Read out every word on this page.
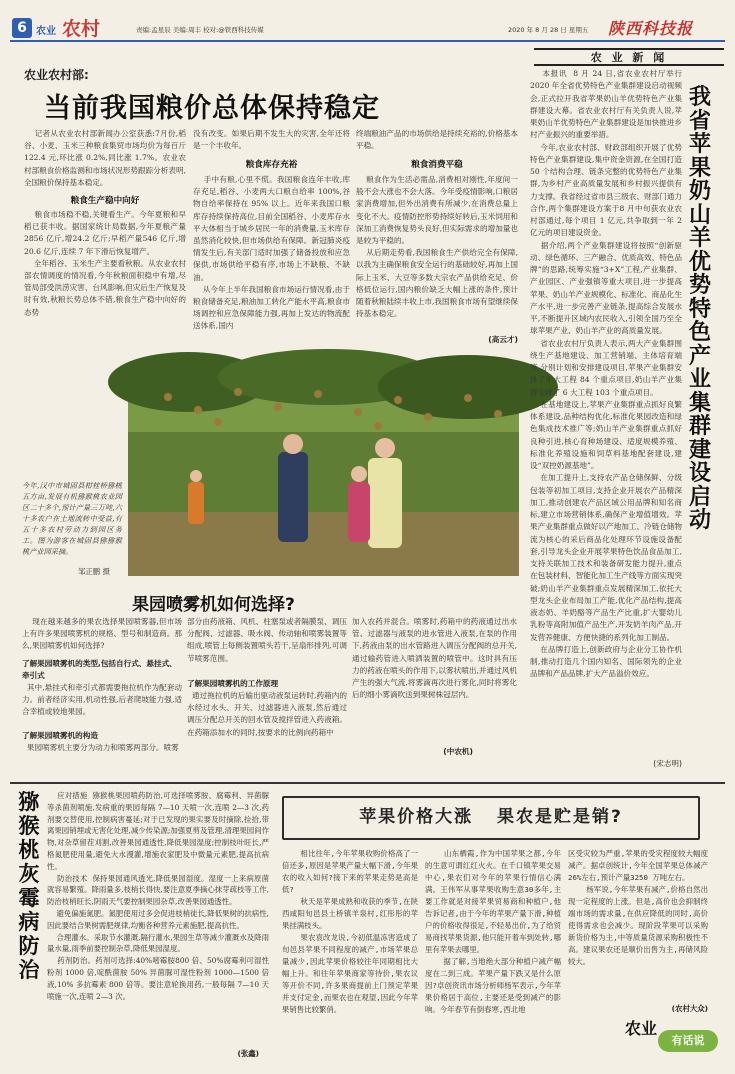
6 农业 农村	责编:孟星辰 美编:周丰 校对:@铁西科技传媒	2020 年 8 月 28 日 星期五 陕西科技报
农 业 新 闻
农业农村部:
当前我国粮价总体保持稳定
记者从农业农村部新闻办公室获悉:7月份,稻谷、小麦、玉米三种粮食集贸市场均价为每百斤 122.4 元,环比涨 0.2%,同比涨 1.7%。农业农村部粮食价格监测和市场状况形势跟踪分析表明,全国粮价保持基本稳定。
粮食生产稳中向好
粮食市场稳不稳,关键看生产。今年夏粮和早稻已获丰收。据国家统计局数据,今年夏粮产量2856 亿斤,增24.2 亿斤;早稻产量546 亿斤,增20.6 亿斤,连续 7 年下滑后恢复增产。
全年稻谷、玉米生产主要看秋粮。从农业农村部农情调度的情况看,今年秋粮面积稳中有增,尽管局部受洪涝灾害、台风影响,但灾后生产恢复及时有效,秋粮长势总体不错,粮食生产稳中向好的态势
没有改变。如果后期不发生大的灾害,全年还将是一个丰收年。
粮食库存充裕
手中有粮,心里不慌。我国粮食连年丰收,库存充足,稻谷、小麦两大口粮自给率 100%,谷物自给率保持在 95% 以上。近年来我国口粮库存持续保持高位,目前全国稻谷、小麦库存水平大体相当于城乡居民一年的消费量,玉米库存虽然消化较快,但市场供给有保障。新冠肺炎疫情发生后,有关部门适时加强了储备投放和应急保供,市场供给平稳有序,市场上不缺粮、不缺油。
从今年上半年我国粮食市场运行情况看,由于粮食储备充足,粮油加工转化产能水平高,粮食市场调控和应急保障能力强,再加上发达的物流配送体系,国内
终端粮油产品的市场供给是持续充裕的,价格基本平稳。
粮食消费平稳
粮食作为生活必需品,消费相对刚性,年度间一般不会大涨也不会大落。今年受疫情影响,口粮居家消费增加,但外出消费有所减少,在消费总量上变化不大。疫情防控形势持续好转后,玉米饲用和深加工消费恢复势头良好,但实际需求的增加量也是较为平稳的。
从后期走势看,我国粮食生产供给完全有保障,以我为主确保粮食安全运行的基础较好,再加上国际上玉米、大豆等多数大宗农产品供给充足、价格低位运行,国内粮价缺乏大幅上涨的条件,预计随着秋粮陆续丰收上市,我国粮食市场有望继续保持基本稳定。
(高云才)
今年,汉中市城固县柑桂桥猕桃五方亩,发展有机猕猴桃农业园区二十多个,预计产量三万吨,六十多农户在土地流转中受益,有五十多农村劳动力到园区务工。图为游客在城固县猕猕猴桃产业园采摘。
邹正鹏 摄
果园喷雾机如何选择?
现在越来越多的果农选择果园喷雾器,但市场上有许多果园喷雾机的规格、型号和制造商。那么,果园喷雾机如何选择?
了解果园喷雾机的类型,包括自行式、悬挂式、牵引式
其中,悬挂式和牵引式都需要拖拉机作为配套动力。前者经济实用,机动性强,后者爬坡能力强,适合幸植或较地果园。
了解果园喷雾机的构造
果园喷雾机主要分为动力和喷雾两部分。喷雾
部分由药液箱、风机、柱塞泵或者隔膜泵、调压分配阀、过滤器、吸水阀、传动轴和喷雾装置等组成,喷管上每侧装置喷头若干,呈扇形排列,可调节喷雾范围。
了解果园喷雾机的工作原理
通过拖拉机的后输出驱动液泵运转时,药箱内的水经过水头、开关、过滤器进入液泵,然后通过调压分配总开关的回水管及搅拌管进入药液箱。在药箱添加水的同时,按要求的比例向药箱中
加入农药并混合。喷雾时,药箱中的药液通过出水管、过滤器与液泵的进水管进入液泵,在泵的作用下,药液由泵的出水管路进入调压分配阀的总开关,通过输药管进入喷洒装置的喷管中。这时具有压力的药液在喷头的作用下,以雾状喷出,并通过风机产生的强大气流,将雾滴再次进行雾化,同时将雾化后的细小雾滴吹送到果树株冠层内。
(中农机)
本报讯  8 月 24 日,省农业农村厅举行 2020 年全省优势特色产业集群建设启动视频会,正式拉开我省苹果奶山羊优势特色产业集群建设大幕。省农业农村厅有关负责人说,苹果奶山羊优势特色产业集群建设是加快推进乡村产业振兴的重要举措。
今年,农业农村部、财政部组织开展了优势特色产业集群建设,集中资金资源,在全国打造50 个结构合理、链条完整的优势特色产业集群,为乡村产业高质量发展和乡村振兴提供有力支撑。我省经过省市县三级农、财部门通力合作,两个集群建设方案于8 月中旬获农业农村部通过,每个项目 1 亿元,共争取到一年 2 亿元的项目建设资金。
据介绍,两个产业集群建设将按照“创新驱动、绿色循环、三产融合、优质高效、特色品牌”的思路,统筹实施“3+X”工程,产业集群、产业园区、产业强镇等重大项目,进一步提高苹果、奶山羊产业规模化、标准化、商品化生产水平,进一步完善产业链条,提高综合发展水平,不断提升区域内农民收入,引领全国乃至全球苹果产业、奶山羊产业的高质量发展。
省农业农村厅负责人表示,两大产业集群围绕生产基地建设、加工营销端、主体培育端等,分别计划和安排建设项目,苹果产业集群安排了9 大工程 84 个重点项目,奶山羊产业集群安排了 6 大工程 103 个重点项目。
在基地建设上,苹果产业集群重点抓好良繁体系建设,品种结构优化,标准化果园改造和绿色集成技术推广等;奶山羊产业集群重点抓好良种引进,核心育种场建设、适度规模养殖、标准化养殖设施和饲草料基地配套建设,建设“双控奶源基地”。
在加工提升上,支持农产品仓储保鲜、分级包装等初加工项目,支持企业开展农产品精深加工,推动创建农产品区域公用品牌和知名商标,建立市场营销体系,确保产业增值增效。苹果产业集群重点做好以产地加工、冷链仓储物流为核心的采后商品化处理环节设施设备配套,引导龙头企业开展苹果特色饮品食品加工,支持关联加工技术和装备研发能力提升,重点在包装材料、智能化加工生产线等方面实现突破;奶山羊产业集群重点发展精深加工,依托大型龙头企业布局加工产能,优化产品结构,提高液态奶、羊奶酪等产品生产比重,扩大婴幼儿乳粉等高附加值产品生产,开发奶羊肉产品,开发营养健康、方便快捷的系列化加工制品。
在品牌打造上,创新政府与企业分工协作机制,推动打造几个国内知名、国际领先的企业品牌和产品品牌,扩大产品溢价效应。
(宋志明)
我省苹果奶山羊优势特色产业集群建设启动
猕猴桃灰霉病防治
应对措施  猕猴桃果园喷药防治,可选择喷雾胺、腐霉利、异菌脲等杀菌剂喷施,发病重的果园每隔 7—10 天喷一次,连喷 2—3 次,药剂要交替使用,控制病害蔓延;对于已发现的果实要及时摘除,捡拾,带离果园销埋或无害化处理,减少传染源;加强夏剪及管理,清理果园间作物,对杂草留茬刈割,改善果园通透性,降低果园湿度;控制枝叶旺长,严格氮肥使用量,避免大水漫灌,增施农家肥及中微量元素肥,提高抗病性。
防治技术  保持果园通风透光,降低果园湿度。湿度一上来病原菌就容易繁殖。降雨量多,枝梢长得快,要注意夏季摘心抹芽疏枝等工作,防治枝梢旺长,阴雨天气要控制果园杂草,改善果园通透性。
避免偏施氮肥。氮肥使用过多会促进枝梢徒长,降低果树的抗病性,因此要结合果树需肥规律,均衡各种营养元素施肥,提高抗性。
合理灌水。采取节水灌溉,隔行灌水,果园生草等减少灌溉水及降雨量水量,雨季前要控制杂草,降低果园湿度。
药剂防治。药剂可选择:40%嘧霉胺800 倍、50%腐霉利可湿性粉剂 1000 倍,啶酰菌胺 50% 异菌脲可湿性粉剂 1000—1500 倍液,10% 多抗霉素 800 倍等。要注意轮换用药,一般每隔 7—10 天喷施一次,连喷 2—3 次。
(张鑫)
苹果价格大涨   果农是贮是销?
相比往年,今年苹果收购价格高了一倍还多,原因是苹果产量大幅下滑,今年果农的收入如何?接下来的苹果走势是高是低?
秋天是苹果成熟和收获的季节,在陕西咸阳旬邑县土桥镇羊泉村,红彤彤的苹果挂满枝头。
果农袁改龙说,今初低温冻害造成了旬邑县苹果不同程度的减产,市场苹果总量减少,因此苹果价格较往年同期相比大幅上升。和往年苹果商家等待价,果农议等开价不同,许多果商提前上门预定苹果并支付定金,而果农也在观望,因此今年苹果销售比较繁俏。
山东栖霞,作为中国苹果之都,今年的生意可谓红红火火。在千口镇苹果交易中心,果农们对今年的苹果行情信心满满。王伟军从事苹果收购生意30多年,主要工作就是对接苹果贸易商和种植户,他告诉记者,由于今年的苹果产量下滑,种植户的价格收得很足,不轻易出价,为了给贸易商找苹果货源,他只能开着车到处转,哪里有苹果去哪里。
据了解,当地绝大部分种植户减产幅度在二到三成。苹果产量下跌又是什么原因?卓创资讯市场分析师杨军表示,今年苹果价格居于高位,主要还是受到减产的影响。今年春节有倒春寒,西北地
区受灾较为严重,苹果的受灾程度较大幅度减产。据卓创统计,今年全国苹果总体减产26%左右,预计产量3250 万吨左右。
杨军说,今年苹果有减产,价格自然出现一定程度的上涨。但是,高价也会抑制终端市场的需求量,在供应降低的同时,高价使得需求也会减少。现阶段苹果可以采购新货价格为主,中等质量货源采购积极性不高。建议果农还是顺价出售为主,再储风险较大。
(农村大众)
农业
有话说
